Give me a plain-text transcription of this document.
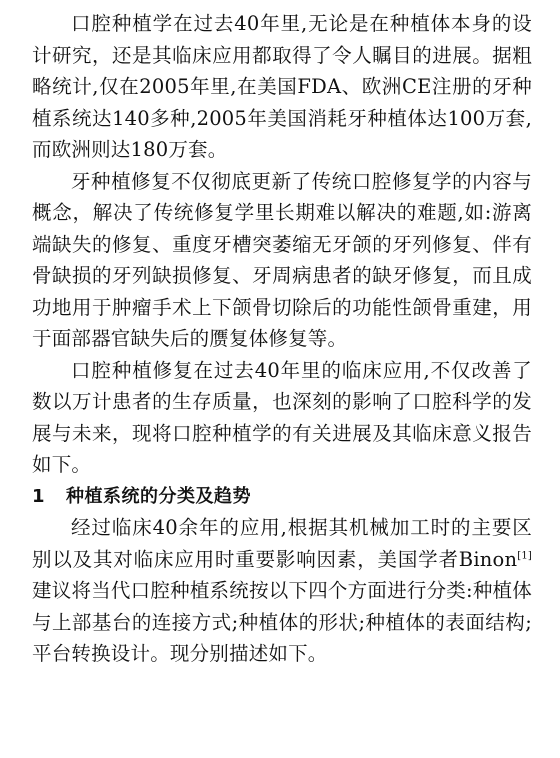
口腔种植学在过去40年里,无论是在种植体本身的设计研究，还是其临床应用都取得了令人瞩目的进展。据粗略统计,仅在2005年里,在美国FDA、欧洲CE注册的牙种植系统达140多种,2005年美国消耗牙种植体达100万套,而欧洲则达180万套。

牙种植修复不仅彻底更新了传统口腔修复学的内容与概念，解决了传统修复学里长期难以解决的难题,如:游离端缺失的修复、重度牙槽突萎缩无牙颌的牙列修复、伴有骨缺损的牙列缺损修复、牙周病患者的缺牙修复，而且成功地用于肿瘤手术上下颌骨切除后的功能性颌骨重建，用于面部器官缺失后的赝复体修复等。

口腔种植修复在过去40年里的临床应用,不仅改善了数以万计患者的生存质量，也深刻的影响了口腔科学的发展与未来，现将口腔种植学的有关进展及其临床意义报告如下。

1 种植系统的分类及趋势

经过临床40余年的应用,根据其机械加工时的主要区别以及其对临床应用时重要影响因素，美国学者Binon[1]建议将当代口腔种植系统按以下四个方面进行分类:种植体与上部基台的连接方式;种植体的形状;种植体的表面结构;平台转换设计。现分别描述如下。
